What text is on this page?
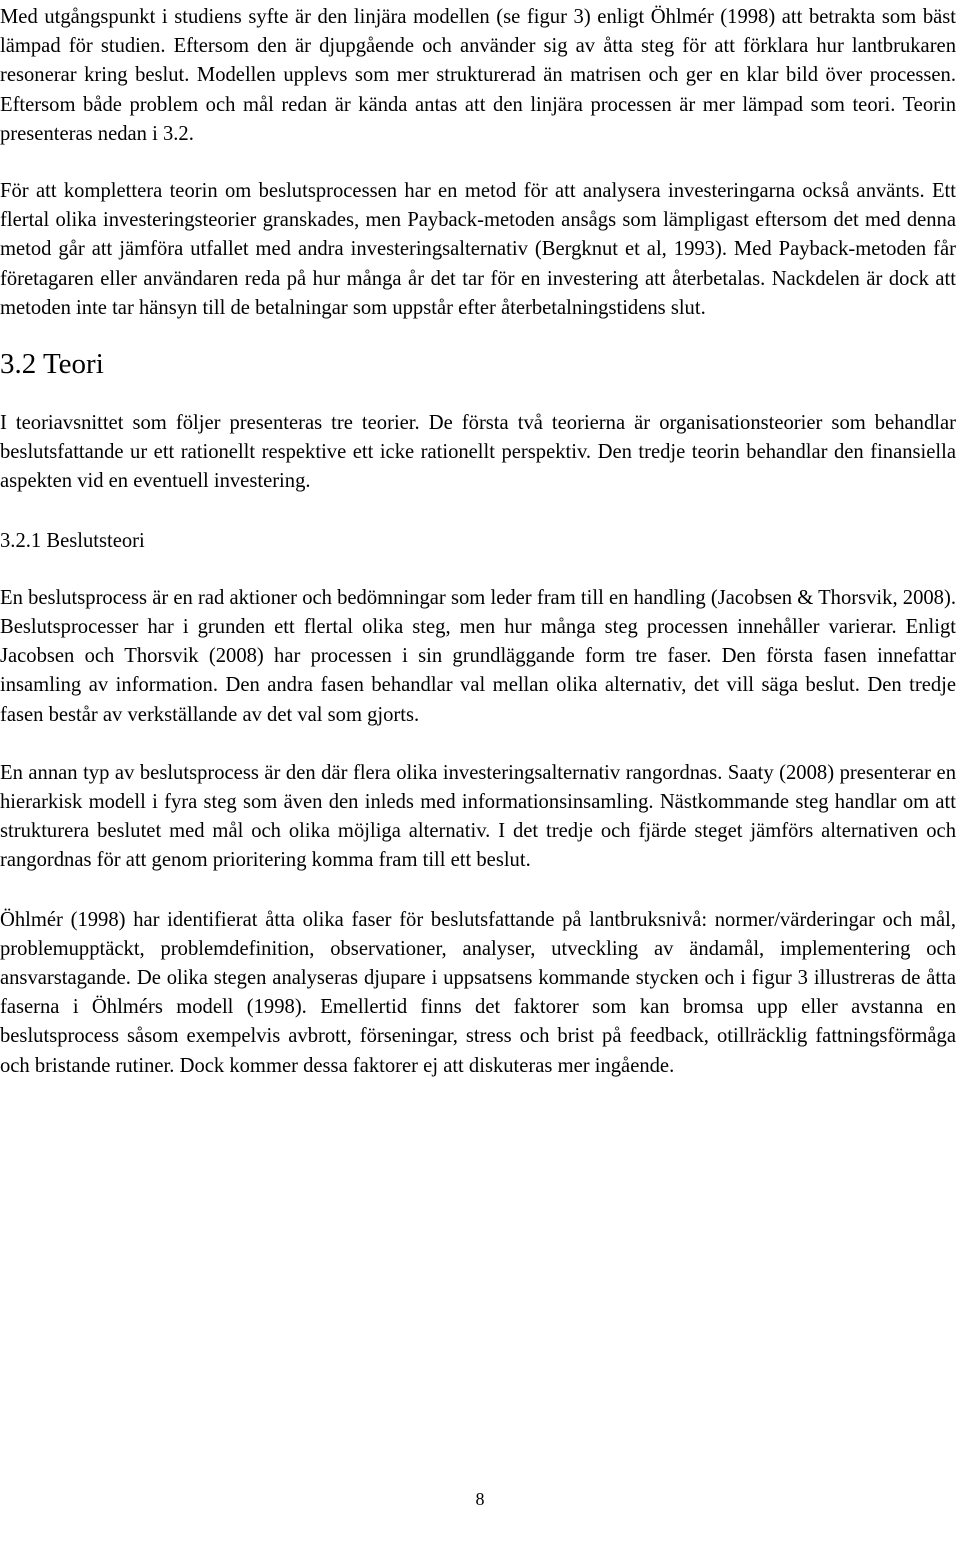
Med utgångspunkt i studiens syfte är den linjära modellen (se figur 3) enligt Öhlmér (1998) att betrakta som bäst lämpad för studien. Eftersom den är djupgående och använder sig av åtta steg för att förklara hur lantbrukaren resonerar kring beslut. Modellen upplevs som mer strukturerad än matrisen och ger en klar bild över processen. Eftersom både problem och mål redan är kända antas att den linjära processen är mer lämpad som teori. Teorin presenteras nedan i 3.2.

För att komplettera teorin om beslutsprocessen har en metod för att analysera investeringarna också använts. Ett flertal olika investeringsteorier granskades, men Payback-metoden ansågs som lämpligast eftersom det med denna metod går att jämföra utfallet med andra investeringsalternativ (Bergknut et al, 1993). Med Payback-metoden får företagaren eller användaren reda på hur många år det tar för en investering att återbetalas. Nackdelen är dock att metoden inte tar hänsyn till de betalningar som uppstår efter återbetalningstidens slut.

3.2 Teori

I teoriavsnittet som följer presenteras tre teorier. De första två teorierna är organisationsteorier som behandlar beslutsfattande ur ett rationellt respektive ett icke rationellt perspektiv. Den tredje teorin behandlar den finansiella aspekten vid en eventuell investering.

3.2.1 Beslutsteori

En beslutsprocess är en rad aktioner och bedömningar som leder fram till en handling (Jacobsen & Thorsvik, 2008). Beslutsprocesser har i grunden ett flertal olika steg, men hur många steg processen innehåller varierar. Enligt Jacobsen och Thorsvik (2008) har processen i sin grundläggande form tre faser. Den första fasen innefattar insamling av information. Den andra fasen behandlar val mellan olika alternativ, det vill säga beslut. Den tredje fasen består av verkställande av det val som gjorts.

En annan typ av beslutsprocess är den där flera olika investeringsalternativ rangordnas. Saaty (2008) presenterar en hierarkisk modell i fyra steg som även den inleds med informationsinsamling. Nästkommande steg handlar om att strukturera beslutet med mål och olika möjliga alternativ. I det tredje och fjärde steget jämförs alternativen och rangordnas för att genom prioritering komma fram till ett beslut.

Öhlmér (1998) har identifierat åtta olika faser för beslutsfattande på lantbruksnivå: normer/värderingar och mål, problemupptäckt, problemdefinition, observationer, analyser, utveckling av ändamål, implementering och ansvarstagande. De olika stegen analyseras djupare i uppsatsens kommande stycken och i figur 3 illustreras de åtta faserna i Öhlmérs modell (1998). Emellertid finns det faktorer som kan bromsa upp eller avstanna en beslutsprocess såsom exempelvis avbrott, förseningar, stress och brist på feedback, otillräcklig fattningsförmåga och bristande rutiner. Dock kommer dessa faktorer ej att diskuteras mer ingående.

8
